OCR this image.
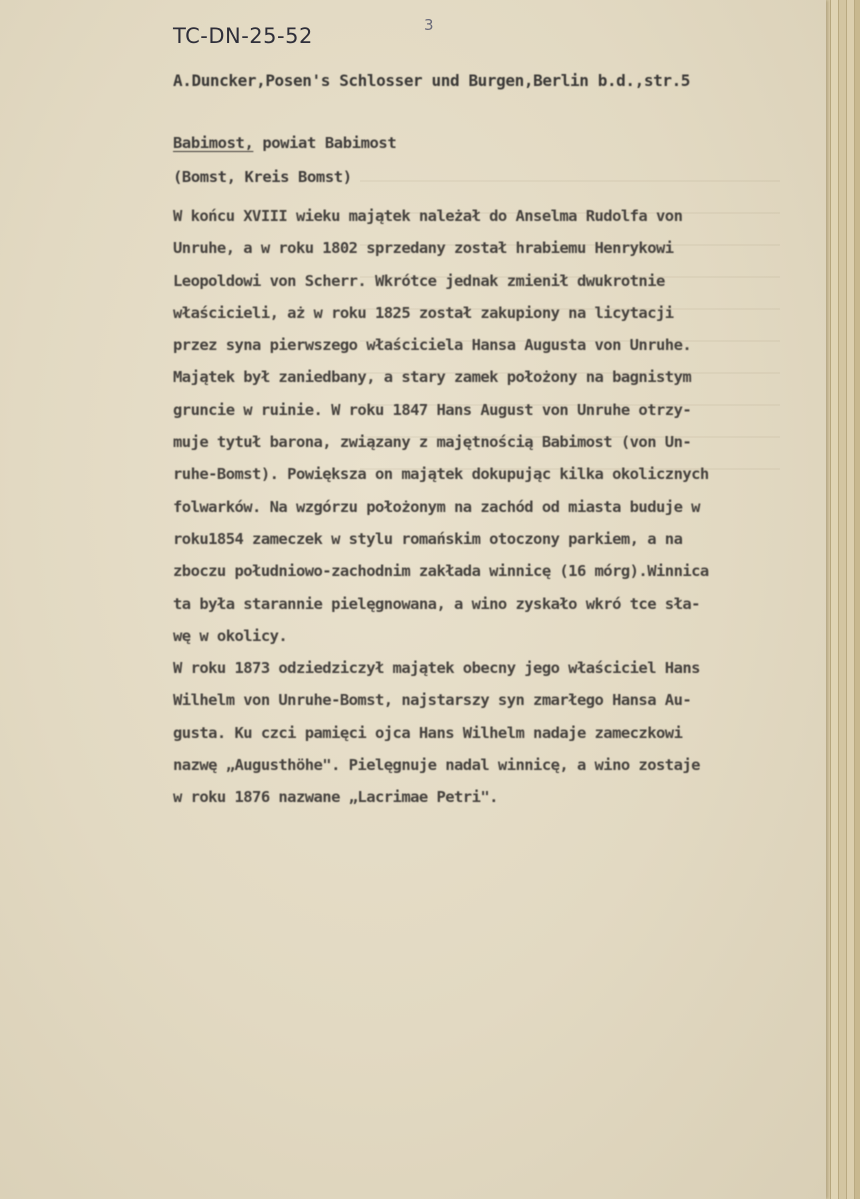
TC-DN-25-52	3
A.Duncker,Posen's Schlosser und Burgen,Berlin b.d.,str.5
Babimost, powiat Babimost
(Bomst, Kreis Bomst)
W końcu XVIII wieku majątek należał do Anselma Rudolfa von
Unruhe, a w roku 1802 sprzedany został hrabiemu Henrykowi
Leopoldowi von Scherr. Wkrótce jednak zmienił dwukrotnie
właścicieli, aż w roku 1825 został zakupiony na licytacji
przez syna pierwszego właściciela Hansa Augusta von Unruhe.
Majątek był zaniedbany, a stary zamek położony na bagnistym
gruncie w ruinie. W roku 1847 Hans August von Unruhe otrzy-
muje tytuł barona, związany z majętnością Babimost (von Un-
ruhe-Bomst). Powiększa on majątek dokupując kilka okolicznych
folwarków. Na wzgórzu położonym na zachód od miasta buduje w
roku1854 zameczek w stylu romańskim otoczony parkiem, a na
zboczu południowo-zachodnim zakłada winnicę (16 mórg).Winnica
ta była starannie pielęgnowana, a wino zyskało wkró tce sła-
wę w okolicy.
W roku 1873 odziedziczył majątek obecny jego właściciel Hans
Wilhelm von Unruhe-Bomst, najstarszy syn zmarłego Hansa Au-
gusta. Ku czci pamięci ojca Hans Wilhelm nadaje zameczkowi
nazwę „Augusthöhe". Pielęgnuje nadal winnicę, a wino zostaje
w roku 1876 nazwane „Lacrimae Petri".
